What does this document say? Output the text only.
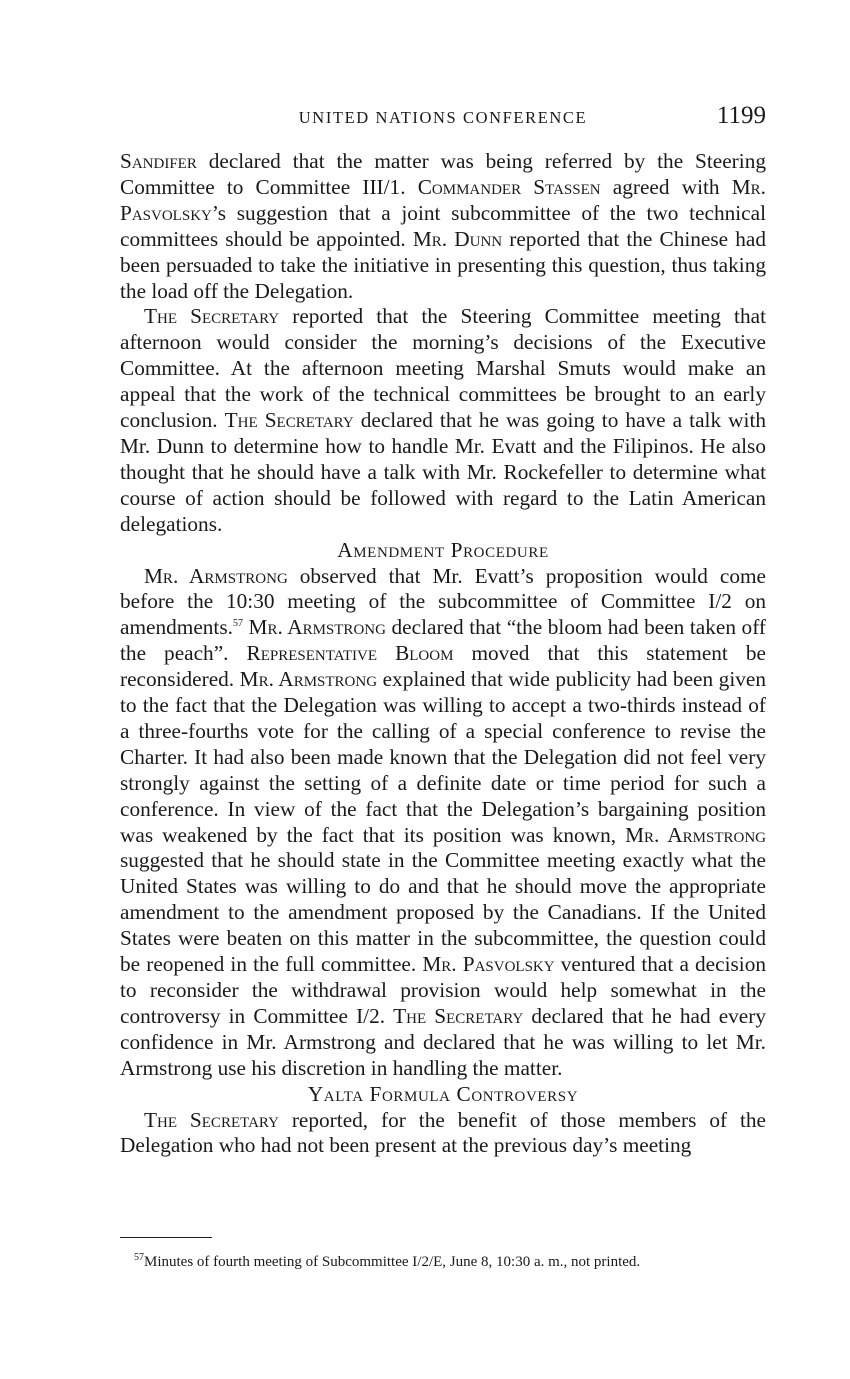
UNITED NATIONS CONFERENCE	1199

Sandifer declared that the matter was being referred by the Steering Committee to Committee III/1. Commander Stassen agreed with Mr. Pasvolsky’s suggestion that a joint subcommittee of the two technical committees should be appointed. Mr. Dunn reported that the Chinese had been persuaded to take the initiative in presenting this question, thus taking the load off the Delegation.

The Secretary reported that the Steering Committee meeting that afternoon would consider the morning’s decisions of the Executive Committee. At the afternoon meeting Marshal Smuts would make an appeal that the work of the technical committees be brought to an early conclusion. The Secretary declared that he was going to have a talk with Mr. Dunn to determine how to handle Mr. Evatt and the Filipinos. He also thought that he should have a talk with Mr. Rockefeller to determine what course of action should be followed with regard to the Latin American delegations.

Amendment Procedure

Mr. Armstrong observed that Mr. Evatt’s proposition would come before the 10:30 meeting of the subcommittee of Committee I/2 on amendments.$^{57}$ Mr. Armstrong declared that “the bloom had been taken off the peach”. Representative Bloom moved that this statement be reconsidered. Mr. Armstrong explained that wide publicity had been given to the fact that the Delegation was willing to accept a two-thirds instead of a three-fourths vote for the calling of a special conference to revise the Charter. It had also been made known that the Delegation did not feel very strongly against the setting of a definite date or time period for such a conference. In view of the fact that the Delegation’s bargaining position was weakened by the fact that its position was known, Mr. Armstrong suggested that he should state in the Committee meeting exactly what the United States was willing to do and that he should move the appropriate amendment to the amendment proposed by the Canadians. If the United States were beaten on this matter in the subcommittee, the question could be reopened in the full committee. Mr. Pasvolsky ventured that a decision to reconsider the withdrawal provision would help somewhat in the controversy in Committee I/2. The Secretary declared that he had every confidence in Mr. Armstrong and declared that he was willing to let Mr. Armstrong use his discretion in handling the matter.

Yalta Formula Controversy

The Secretary reported, for the benefit of those members of the Delegation who had not been present at the previous day’s meeting

$^{57}$Minutes of fourth meeting of Subcommittee I/2/E, June 8, 10:30 a. m., not printed.
